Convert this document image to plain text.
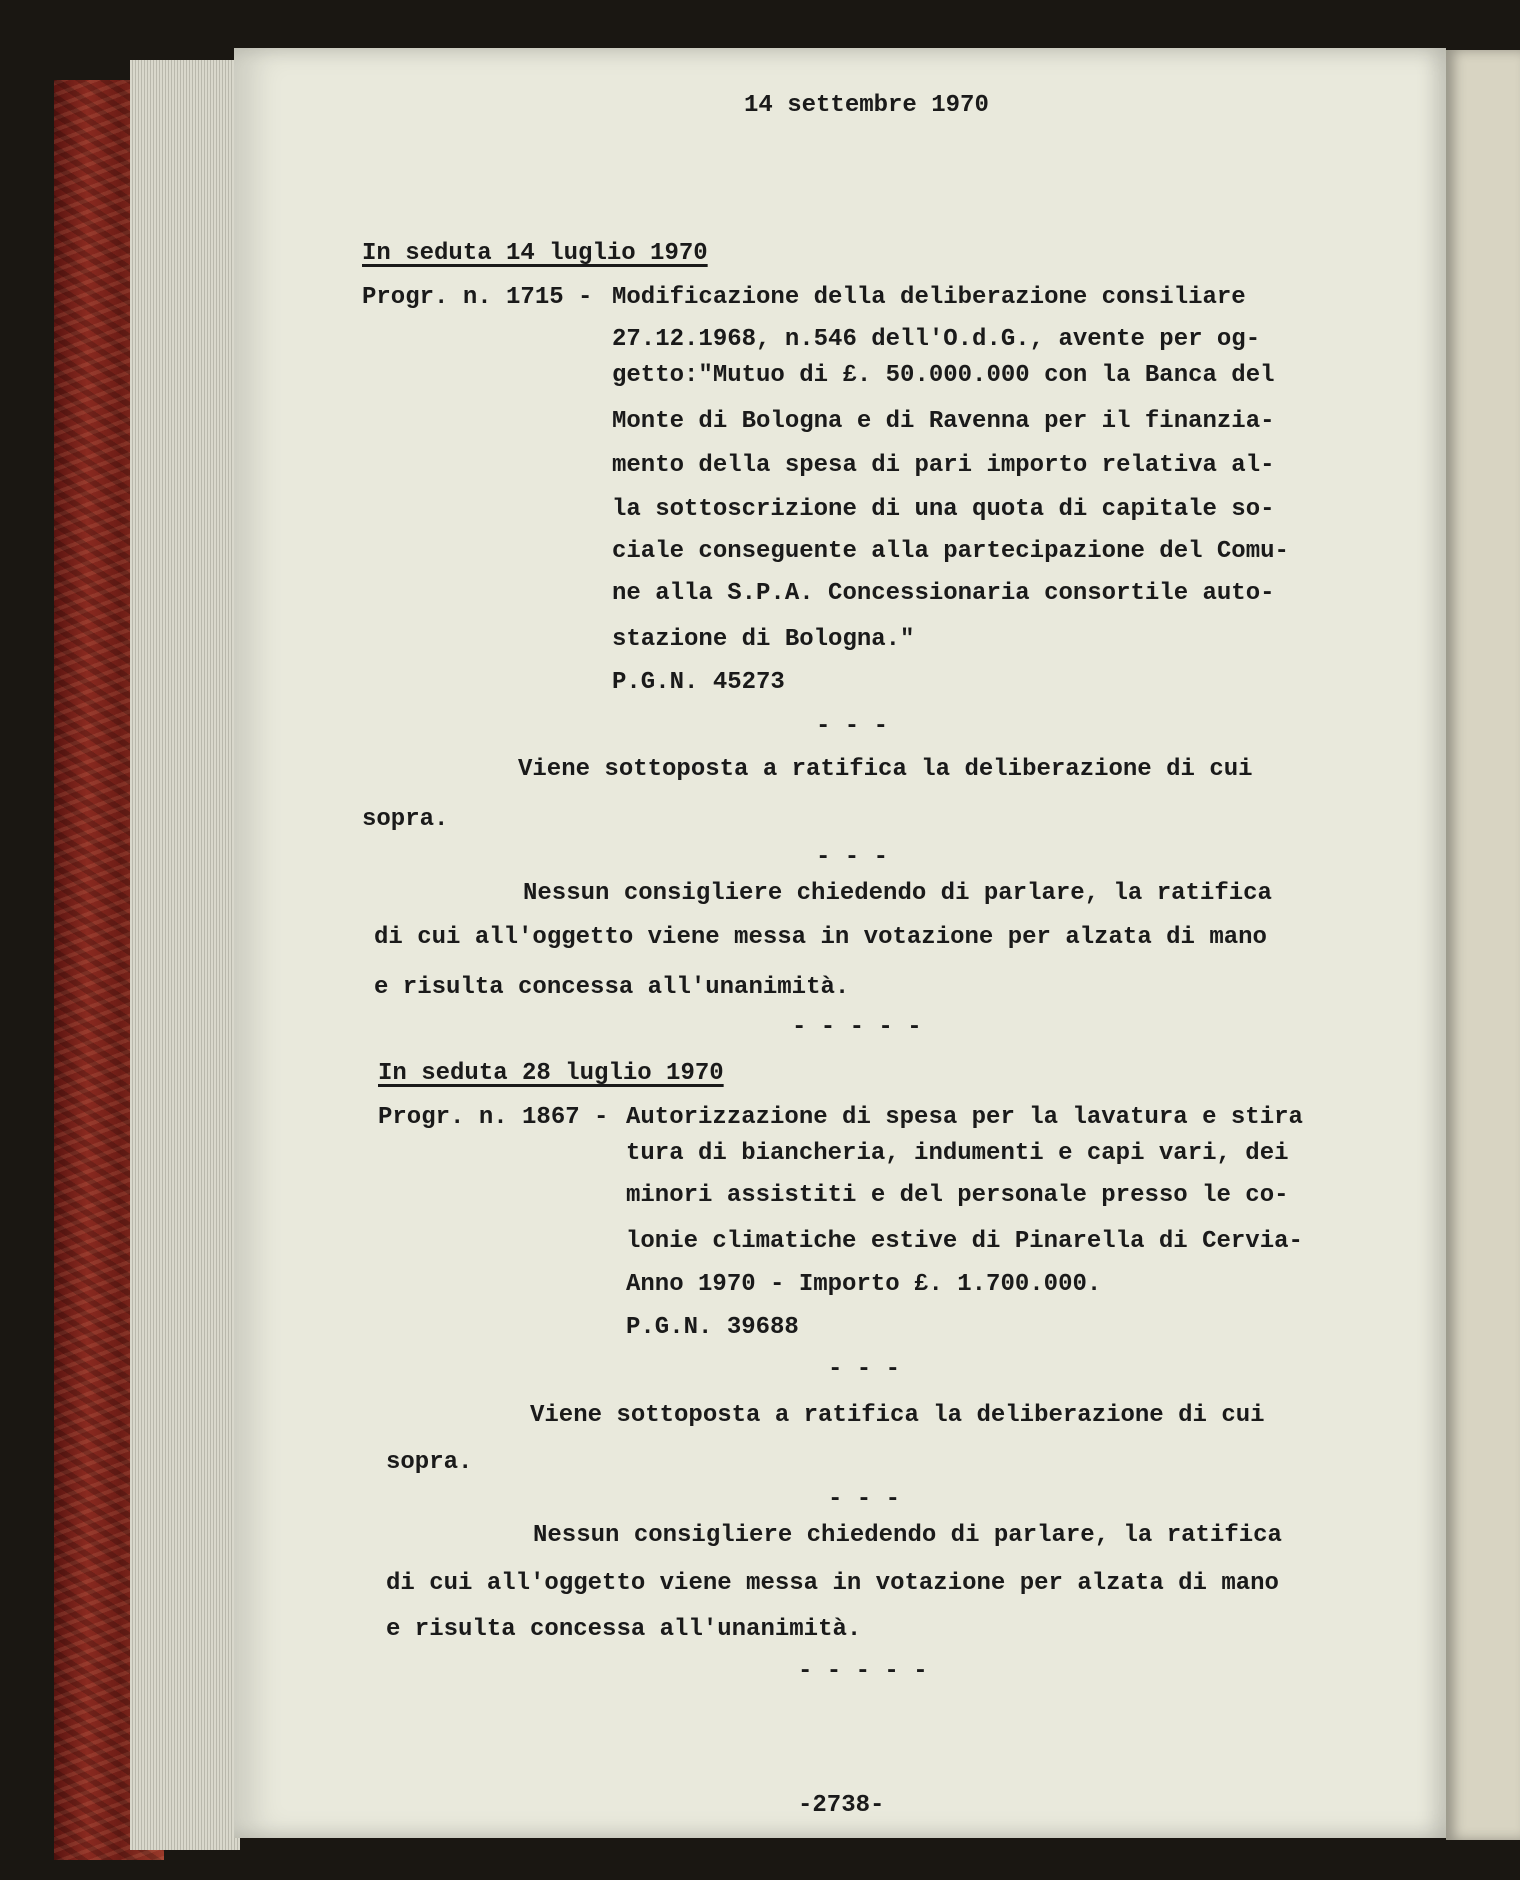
14 settembre 1970
In seduta 14 luglio 1970
Progr. n. 1715 - Modificazione della deliberazione consiliare
27.12.1968, n.546 dell'O.d.G., avente per og-
getto:"Mutuo di £. 50.000.000 con la Banca del
Monte di Bologna e di Ravenna per il finanzia-
mento della spesa di pari importo relativa al-
la sottoscrizione di una quota di capitale so-
ciale conseguente alla partecipazione del Comu-
ne alla S.P.A. Concessionaria consortile auto-
stazione di Bologna."
P.G.N. 45273
- - -
Viene sottoposta a ratifica la deliberazione di cui
sopra.
- - -
Nessun consigliere chiedendo di parlare, la ratifica
di cui all'oggetto viene messa in votazione per alzata di mano
e risulta concessa all'unanimità.
- - - - -
In seduta 28 luglio 1970
Progr. n. 1867 - Autorizzazione di spesa per la lavatura e stira
tura di biancheria, indumenti e capi vari, dei
minori assistiti e del personale presso le co-
lonie climatiche estive di Pinarella di Cervia-
Anno 1970 - Importo £. 1.700.000.
P.G.N. 39688
- - -
Viene sottoposta a ratifica la deliberazione di cui
sopra.
- - -
Nessun consigliere chiedendo di parlare, la ratifica
di cui all'oggetto viene messa in votazione per alzata di mano
e risulta concessa all'unanimità.
- - - - -
-2738-
